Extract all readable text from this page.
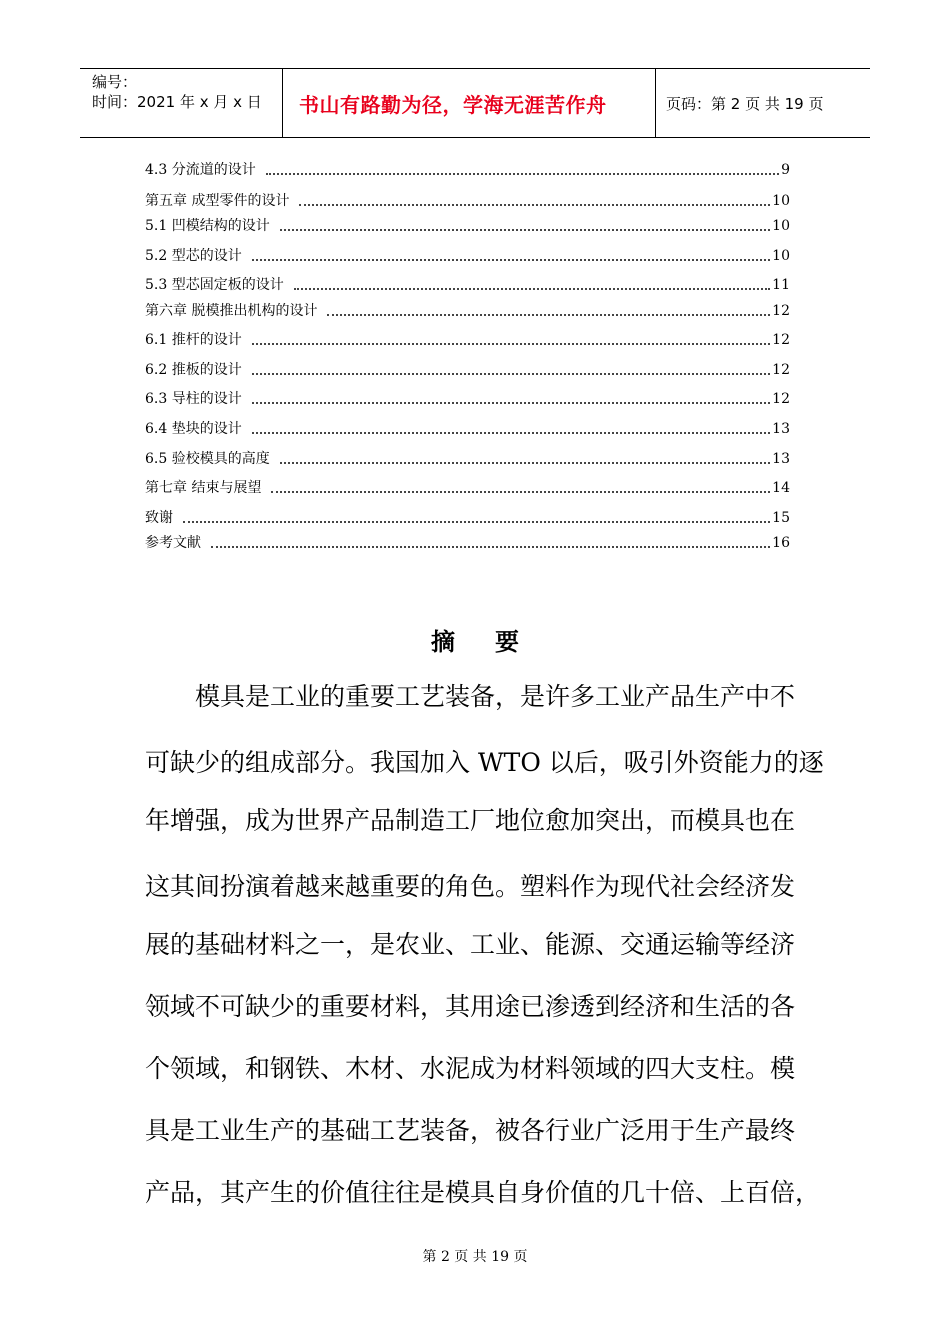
编号：
时间：2021 年 x 月 x 日 书山有路勤为径，学海无涯苦作舟	页码：第 2 页 共 19 页
4.3 分流道的设计	9
第五章 成型零件的设计	10
5.1 凹模结构的设计	10
5.2 型芯的设计	10
5.3 型芯固定板的设计	11
第六章 脱模推出机构的设计	12
6.1 推杆的设计	12
6.2 推板的设计	12
6.3 导柱的设计	12
6.4 垫块的设计	13
6.5 验校模具的高度	13
第七章 结束与展望	14
致谢	15
参考文献	16
摘要
　　模具是工业的重要工艺装备，是许多工业产品生产中不
可缺少的组成部分。我国加入 WTO 以后，吸引外资能力的逐
年增强，成为世界产品制造工厂地位愈加突出，而模具也在
这其间扮演着越来越重要的角色。塑料作为现代社会经济发
展的基础材料之一，是农业、工业、能源、交通运输等经济
领域不可缺少的重要材料，其用途已渗透到经济和生活的各
个领域，和钢铁、木材、水泥成为材料领域的四大支柱。模
具是工业生产的基础工艺装备，被各行业广泛用于生产最终
产品，其产生的价值往往是模具自身价值的几十倍、上百倍，
第 2 页 共 19 页
